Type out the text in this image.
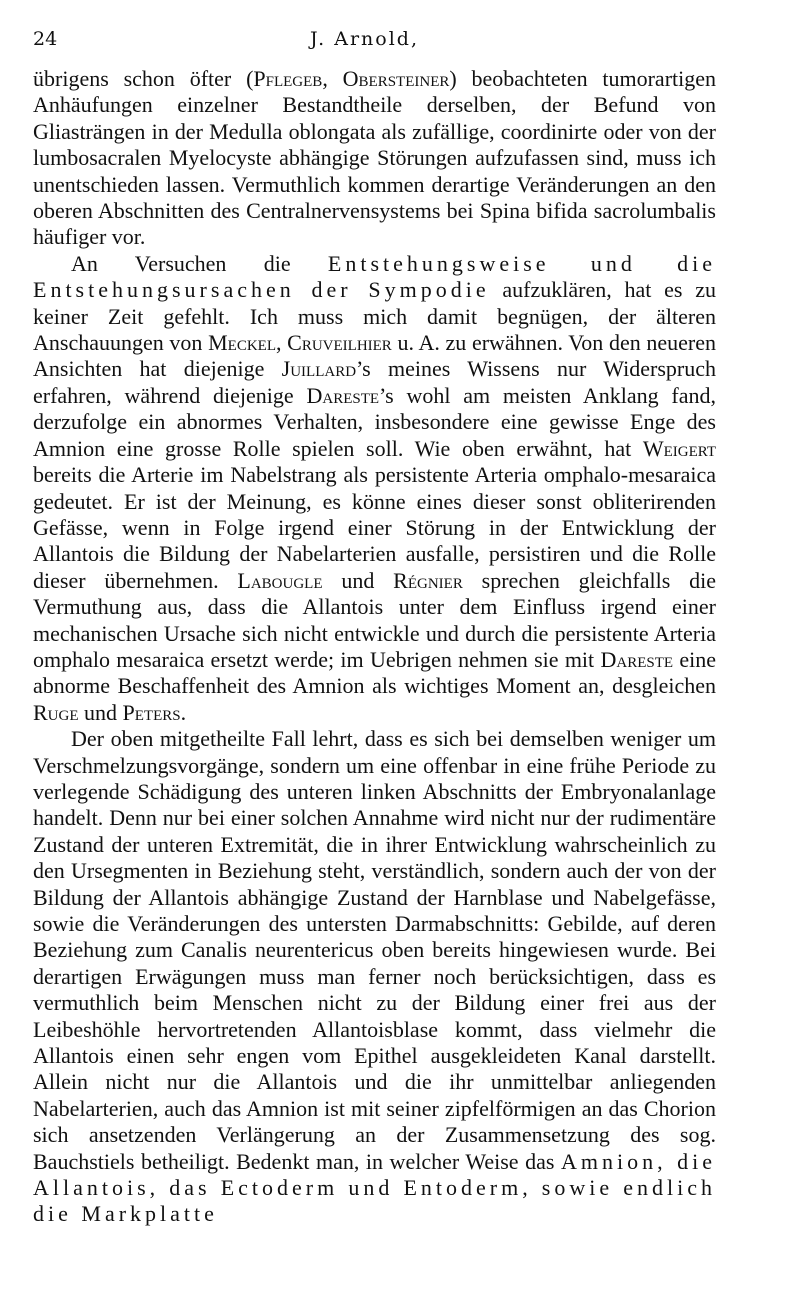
24	J. Arnold,

übrigens schon öfter (Pflegeb, Obersteiner) beobachteten tumorartigen Anhäufungen einzelner Bestandtheile derselben, der Befund von Gliasträngen in der Medulla oblongata als zufällige, coordinirte oder von der lumbosacralen Myelocyste abhängige Störungen aufzufassen sind, muss ich unentschieden lassen. Vermuthlich kommen derartige Veränderungen an den oberen Abschnitten des Centralnervensystems bei Spina bifida sacrolumbalis häufiger vor.

An Versuchen die Entstehungsweise und die Entstehungsursachen der Sympodie aufzuklären, hat es zu keiner Zeit gefehlt. Ich muss mich damit begnügen, der älteren Anschauungen von Meckel, Cruveilhier u. A. zu erwähnen. Von den neueren Ansichten hat diejenige Juillard’s meines Wissens nur Widerspruch erfahren, während diejenige Dareste’s wohl am meisten Anklang fand, derzufolge ein abnormes Verhalten, insbesondere eine gewisse Enge des Amnion eine grosse Rolle spielen soll. Wie oben erwähnt, hat Weigert bereits die Arterie im Nabelstrang als persistente Arteria omphalo-mesaraica gedeutet. Er ist der Meinung, es könne eines dieser sonst obliterirenden Gefässe, wenn in Folge irgend einer Störung in der Entwicklung der Allantois die Bildung der Nabelarterien ausfalle, persistiren und die Rolle dieser übernehmen. Labougle und Régnier sprechen gleichfalls die Vermuthung aus, dass die Allantois unter dem Einfluss irgend einer mechanischen Ursache sich nicht entwickle und durch die persistente Arteria omphalo mesaraica ersetzt werde; im Uebrigen nehmen sie mit Dareste eine abnorme Beschaffenheit des Amnion als wichtiges Moment an, desgleichen Ruge und Peters.

Der oben mitgetheilte Fall lehrt, dass es sich bei demselben weniger um Verschmelzungsvorgänge, sondern um eine offenbar in eine frühe Periode zu verlegende Schädigung des unteren linken Abschnitts der Embryonalanlage handelt. Denn nur bei einer solchen Annahme wird nicht nur der rudimentäre Zustand der unteren Extremität, die in ihrer Entwicklung wahrscheinlich zu den Ursegmenten in Beziehung steht, verständlich, sondern auch der von der Bildung der Allantois abhängige Zustand der Harnblase und Nabelgefässe, sowie die Veränderungen des untersten Darmabschnitts: Gebilde, auf deren Beziehung zum Canalis neurentericus oben bereits hingewiesen wurde. Bei derartigen Erwägungen muss man ferner noch berücksichtigen, dass es vermuthlich beim Menschen nicht zu der Bildung einer frei aus der Leibeshöhle hervortretenden Allantoisblase kommt, dass vielmehr die Allantois einen sehr engen vom Epithel ausgekleideten Kanal darstellt. Allein nicht nur die Allantois und die ihr unmittelbar anliegenden Nabelarterien, auch das Amnion ist mit seiner zipfelförmigen an das Chorion sich ansetzenden Verlängerung an der Zusammensetzung des sog. Bauchstiels betheiligt. Bedenkt man, in welcher Weise das Amnion, die Allantois, das Ectoderm und Entoderm, sowie endlich die Markplatte
